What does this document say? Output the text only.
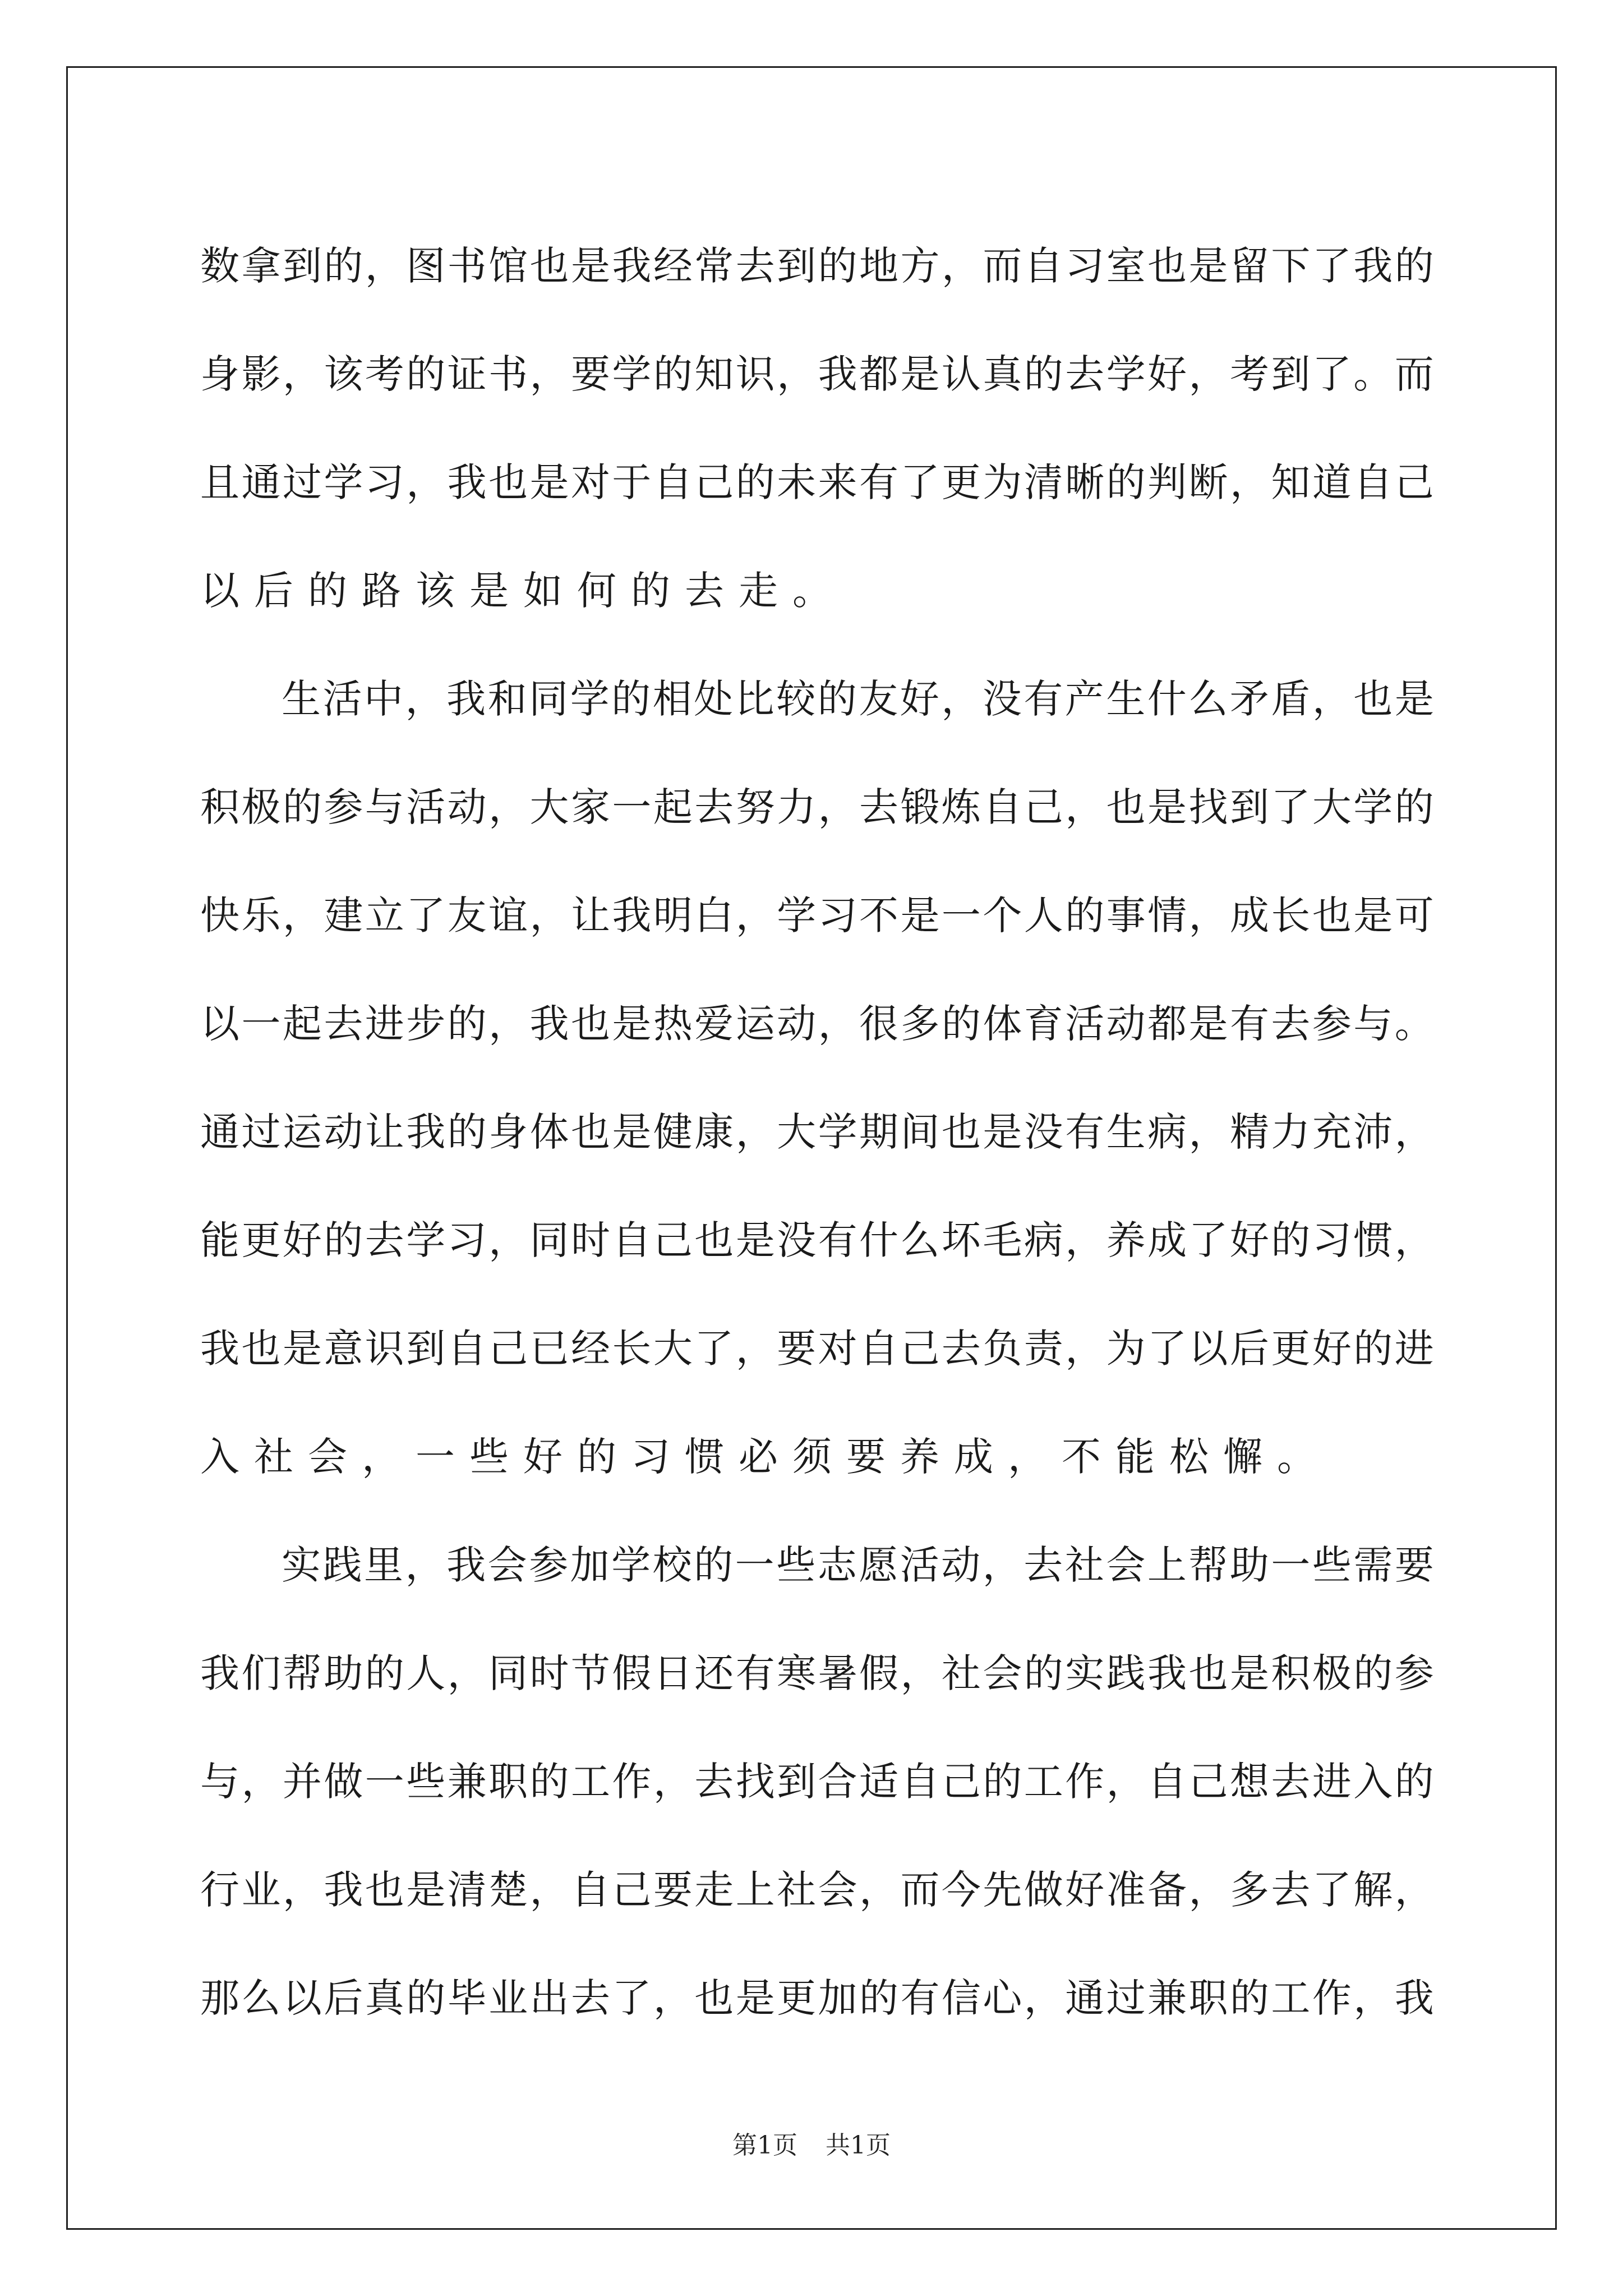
数 拿 到 的 ， 图 书 馆 也 是 我 经 常 去 到 的 地 方 ， 而 自 习 室 也 是 留 下 了 我 的
身 影 ， 该 考 的 证 书 ， 要 学 的 知 识 ， 我 都 是 认 真 的 去 学 好 ， 考 到 了 。 而
且 通 过 学 习 ， 我 也 是 对 于 自 己 的 未 来 有 了 更 为 清 晰 的 判 断 ， 知 道 自 己
以后的路该是如何的去走。
生 活 中 ， 我 和 同 学 的 相 处 比 较 的 友 好 ， 没 有 产 生 什 么 矛 盾 ， 也 是
积 极 的 参 与 活 动 ， 大 家 一 起 去 努 力 ， 去 锻 炼 自 己 ， 也 是 找 到 了 大 学 的
快 乐 ， 建 立 了 友 谊 ， 让 我 明 白 ， 学 习 不 是 一 个 人 的 事 情 ， 成 长 也 是 可
以 一 起 去 进 步 的 ， 我 也 是 热 爱 运 动 ， 很 多 的 体 育 活 动 都 是 有 去 参 与 。
通 过 运 动 让 我 的 身 体 也 是 健 康 ， 大 学 期 间 也 是 没 有 生 病 ， 精 力 充 沛 ，
能 更 好 的 去 学 习 ， 同 时 自 己 也 是 没 有 什 么 坏 毛 病 ， 养 成 了 好 的 习 惯 ，
我 也 是 意 识 到 自 己 已 经 长 大 了 ， 要 对 自 己 去 负 责 ， 为 了 以 后 更 好 的 进
入社会，一些好的习惯必须要养成，不能松懈。
实 践 里 ， 我 会 参 加 学 校 的 一 些 志 愿 活 动 ， 去 社 会 上 帮 助 一 些 需 要
我 们 帮 助 的 人 ， 同 时 节 假 日 还 有 寒 暑 假 ， 社 会 的 实 践 我 也 是 积 极 的 参
与 ， 并 做 一 些 兼 职 的 工 作 ， 去 找 到 合 适 自 己 的 工 作 ， 自 己 想 去 进 入 的
行 业 ， 我 也 是 清 楚 ， 自 己 要 走 上 社 会 ， 而 今 先 做 好 准 备 ， 多 去 了 解 ，
那 么 以 后 真 的 毕 业 出 去 了 ， 也 是 更 加 的 有 信 心 ， 通 过 兼 职 的 工 作 ， 我
第1页 共1页
